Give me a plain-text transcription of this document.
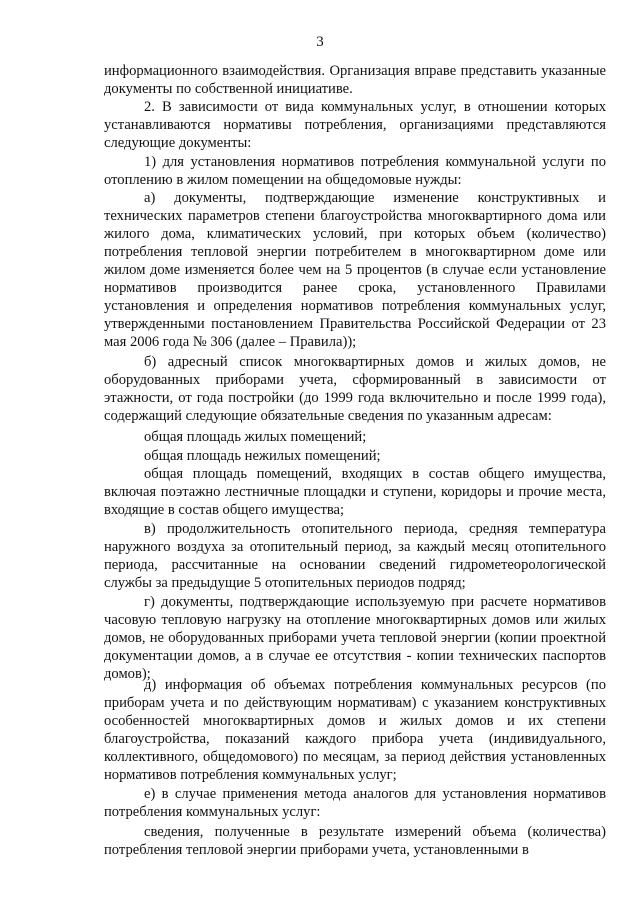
3

информационного взаимодействия. Организация вправе представить указанные документы по собственной инициативе.

2. В зависимости от вида коммунальных услуг, в отношении которых устанавливаются нормативы потребления, организациями представляются следующие документы:

1) для установления нормативов потребления коммунальной услуги по отоплению в жилом помещении на общедомовые нужды:

а) документы, подтверждающие изменение конструктивных и технических параметров степени благоустройства многоквартирного дома или жилого дома, климатических условий, при которых объем (количество) потребления тепловой энергии потребителем в многоквартирном доме или жилом доме изменяется более чем на 5 процентов (в случае если установление нормативов производится ранее срока, установленного Правилами установления и определения нормативов потребления коммунальных услуг, утвержденными постановлением Правительства Российской Федерации от 23 мая 2006 года № 306 (далее – Правила));

б) адресный список многоквартирных домов и жилых домов, не оборудованных приборами учета, сформированный в зависимости от этажности, от года постройки (до 1999 года включительно и после 1999 года), содержащий следующие обязательные сведения по указанным адресам:

общая площадь жилых помещений;

общая площадь нежилых помещений;

общая площадь помещений, входящих в состав общего имущества, включая поэтажно лестничные площадки и ступени, коридоры и прочие места, входящие в состав общего имущества;

в) продолжительность отопительного периода, средняя температура наружного воздуха за отопительный период, за каждый месяц отопительного периода, рассчитанные на основании сведений гидрометеорологической службы за предыдущие 5 отопительных периодов подряд;

г) документы, подтверждающие используемую при расчете нормативов часовую тепловую нагрузку на отопление многоквартирных домов или жилых домов, не оборудованных приборами учета тепловой энергии (копии проектной документации домов, а в случае ее отсутствия - копии технических паспортов домов);

д) информация об объемах потребления коммунальных ресурсов (по приборам учета и по действующим нормативам) с указанием конструктивных особенностей многоквартирных домов и жилых домов и их степени благоустройства, показаний каждого прибора учета (индивидуального, коллективного, общедомового) по месяцам, за период действия установленных нормативов потребления коммунальных услуг;

е) в случае применения метода аналогов для установления нормативов потребления коммунальных услуг:

сведения, полученные в результате измерений объема (количества) потребления тепловой энергии приборами учета, установленными в
